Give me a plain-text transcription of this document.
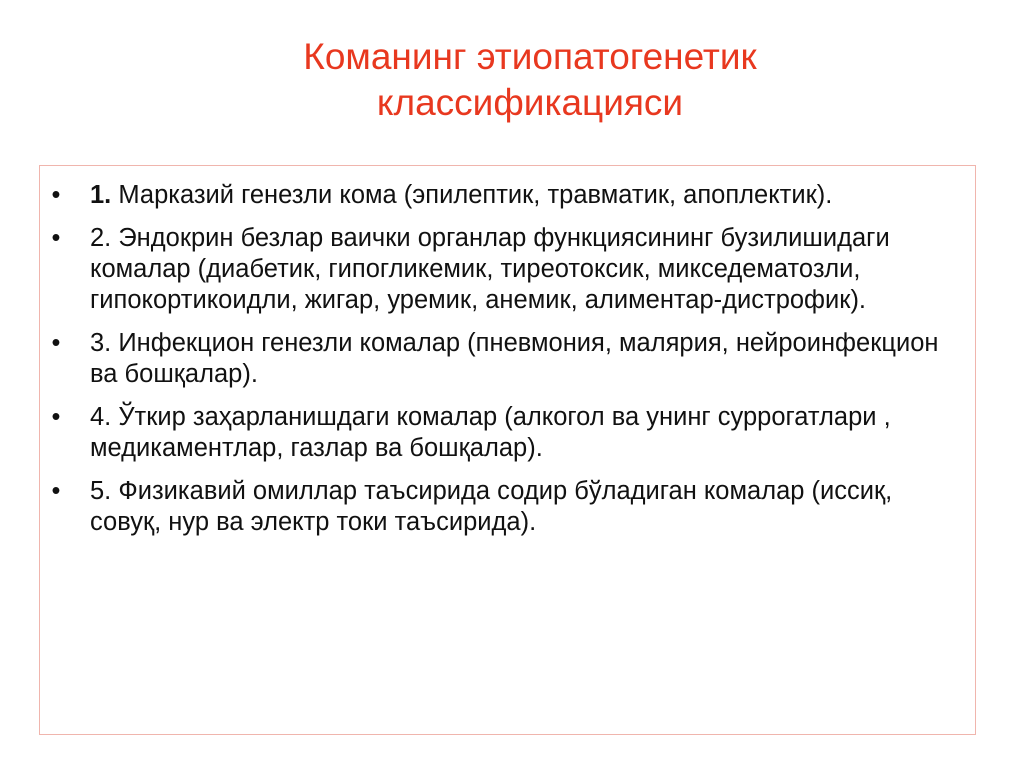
Команинг этиопатогенетик
классификацияси
• 1. Марказий генезли кома (эпилептик, травматик, апоплектик).
• 2. Эндокрин безлар ваички органлар функциясининг бузилишидаги комалар (диабетик, гипогликемик, тиреотоксик, микседематозли, гипокортикоидли, жигар, уремик, анемик, алиментар-дистрофик).
• 3. Инфекцион генезли комалар (пневмония, малярия, нейроинфекцион ва бошқалар).
• 4. Ўткир заҳарланишдаги комалар (алкогол ва унинг суррогатлари , медикаментлар, газлар ва бошқалар).
• 5. Физикавий омиллар таъсирида содир бўладиган комалар (иссиқ, совуқ, нур ва электр токи таъсирида).
